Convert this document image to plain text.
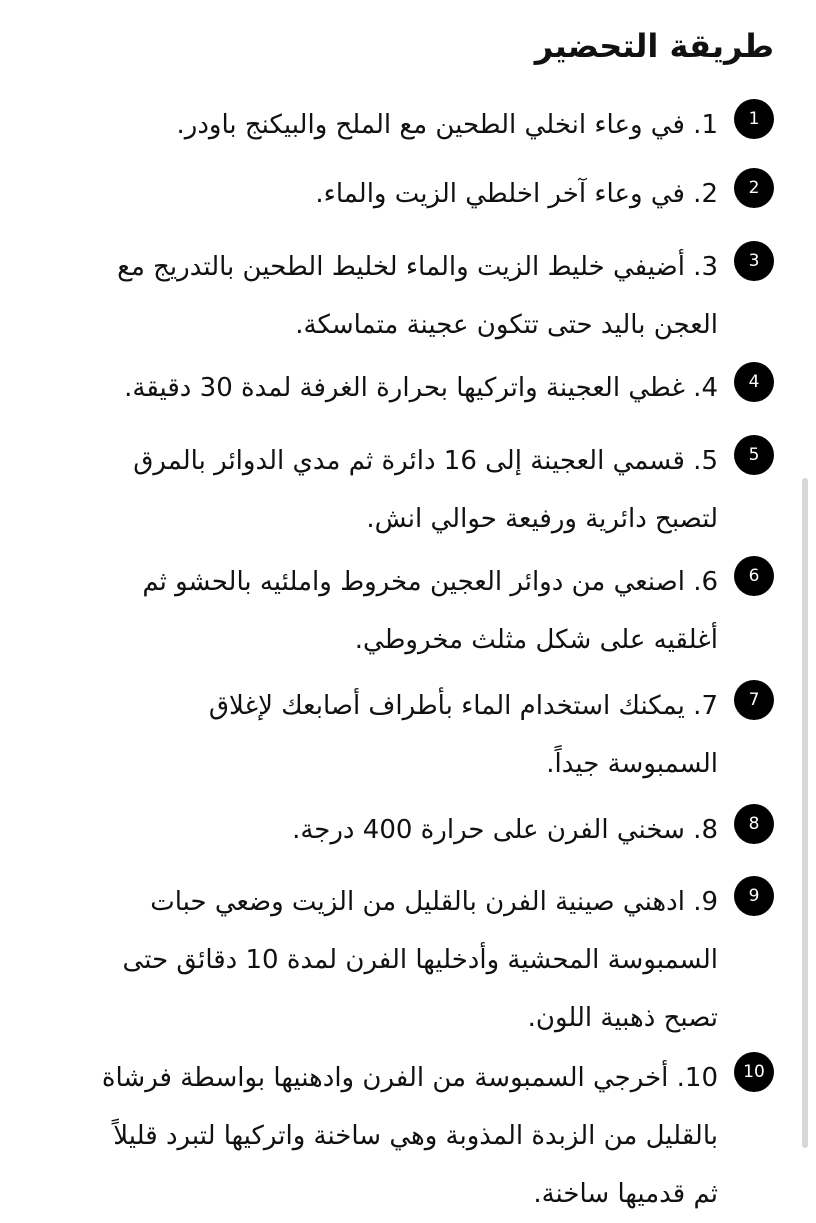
طريقة التحضير
1
1. في وعاء انخلي الطحين مع الملح والبيكنج باودر.
2
2. في وعاء آخر اخلطي الزيت والماء.
3
3. أضيفي خليط الزيت والماء لخليط الطحين بالتدريج مع
العجن باليد حتى تتكون عجينة متماسكة.
4
4. غطي العجينة واتركيها بحرارة الغرفة لمدة 30 دقيقة.
5
5. قسمي العجينة إلى 16 دائرة ثم مدي الدوائر بالمرق
لتصبح دائرية ورفيعة حوالي انش.
6
6. اصنعي من دوائر العجين مخروط واملئيه بالحشو ثم
أغلقيه على شكل مثلث مخروطي.
7
7. يمكنك استخدام الماء بأطراف أصابعك لإغلاق
السمبوسة جيداً.
8
8. سخني الفرن على حرارة 400 درجة.
9
9. ادهني صينية الفرن بالقليل من الزيت وضعي حبات
السمبوسة المحشية وأدخليها الفرن لمدة 10 دقائق حتى
تصبح ذهبية اللون.
10
10. أخرجي السمبوسة من الفرن وادهنيها بواسطة فرشاة
بالقليل من الزبدة المذوبة وهي ساخنة واتركيها لتبرد قليلاً
ثم قدميها ساخنة.
